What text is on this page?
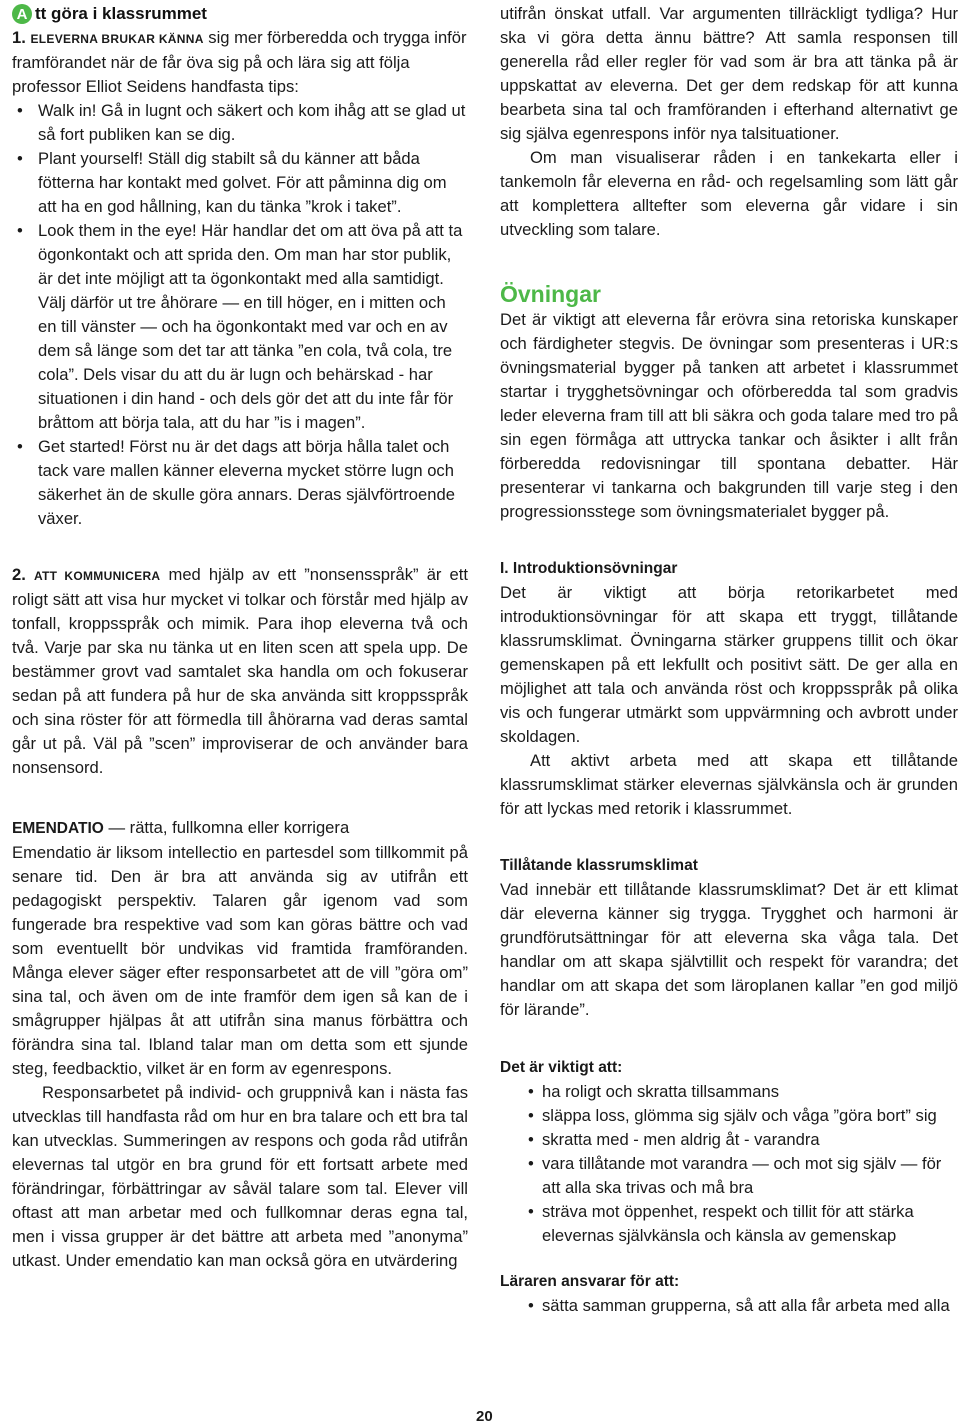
A tt göra i klassrummet

1. ELEVERNA BRUKAR KÄNNA sig mer förberedda och trygga inför framförandet när de får öva sig på och lära sig att följa professor Elliot Seidens handfasta tips:

• Walk in! Gå in lugnt och säkert och kom ihåg att se glad ut så fort publiken kan se dig.
• Plant yourself! Ställ dig stabilt så du känner att båda fötterna har kontakt med golvet. För att påminna dig om att ha en god hållning, kan du tänka ”krok i taket”.
• Look them in the eye! Här handlar det om att öva på att ta ögonkontakt och att sprida den. Om man har stor publik, är det inte möjligt att ta ögonkontakt med alla samtidigt. Välj därför ut tre åhörare — en till höger, en i mitten och en till vänster — och ha ögonkontakt med var och en av dem så länge som det tar att tänka ”en cola, två cola, tre cola”. Dels visar du att du är lugn och behärskad - har situationen i din hand - och dels gör det att du inte får för bråttom att börja tala, att du har ”is i magen”.
• Get started! Först nu är det dags att börja hålla talet och tack vare mallen känner eleverna mycket större lugn och säkerhet än de skulle göra annars. Deras självförtroende växer.

2. ATT KOMMUNICERA med hjälp av ett ”nonsensspråk” är ett roligt sätt att visa hur mycket vi tolkar och förstår med hjälp av tonfall, kroppsspråk och mimik. Para ihop eleverna två och två. Varje par ska nu tänka ut en liten scen att spela upp. De bestämmer grovt vad samtalet ska handla om och fokuserar sedan på att fundera på hur de ska använda sitt kroppsspråk och sina röster för att förmedla till åhörarna vad deras samtal går ut på. Väl på ”scen” improviserar de och använder bara nonsensord.

EMENDATIO — rätta, fullkomna eller korrigera

Emendatio är liksom intellectio en partesdel som tillkommit på senare tid. Den är bra att använda sig av utifrån ett pedagogiskt perspektiv. Talaren går igenom vad som fungerade bra respektive vad som kan göras bättre och vad som eventuellt bör undvikas vid framtida framföranden. Många elever säger efter responsarbetet att de vill ”göra om” sina tal, och även om de inte framför dem igen så kan de i smågrupper hjälpas åt att utifrån sina manus förbättra och förändra sina tal. Ibland talar man om detta som ett sjunde steg, feedbacktio, vilket är en form av egenrespons.

Responsarbetet på individ- och gruppnivå kan i nästa fas utvecklas till handfasta råd om hur en bra talare och ett bra tal kan utvecklas. Summeringen av respons och goda råd utifrån elevernas tal utgör en bra grund för ett fortsatt arbete med förändringar, förbättringar av såväl talare som tal. Elever vill oftast att man arbetar med och fullkomnar deras egna tal, men i vissa grupper är det bättre att arbeta med ”anonyma” utkast. Under emendatio kan man också göra en utvärdering

utifrån önskat utfall. Var argumenten tillräckligt tydliga? Hur ska vi göra detta ännu bättre? Att samla responsen till generella råd eller regler för vad som är bra att tänka på är uppskattat av eleverna. Det ger dem redskap för att kunna bearbeta sina tal och framföranden i efterhand alternativt ge sig själva egenrespons inför nya talsituationer.

Om man visualiserar råden i en tankekarta eller i tankemoln får eleverna en råd- och regelsamling som lätt går att komplettera alltefter som eleverna går vidare i sin utveckling som talare.

Övningar

Det är viktigt att eleverna får erövra sina retoriska kunskaper och färdigheter stegvis. De övningar som presenteras i UR:s övningsmaterial bygger på tanken att arbetet i klassrummet startar i trygghetsövningar och oförberedda tal som gradvis leder eleverna fram till att bli säkra och goda talare med tro på sin egen förmåga att uttrycka tankar och åsikter i allt från förberedda redovisningar till spontana debatter. Här presenterar vi tankarna och bakgrunden till varje steg i den progressionsstege som övningsmaterialet bygger på.

I. Introduktionsövningar

Det är viktigt att börja retorikarbetet med introduktionsövningar för att skapa ett tryggt, tillåtande klassrumsklimat. Övningarna stärker gruppens tillit och ökar gemenskapen på ett lekfullt och positivt sätt. De ger alla en möjlighet att tala och använda röst och kroppsspråk på olika vis och fungerar utmärkt som uppvärmning och avbrott under skoldagen.

Att aktivt arbeta med att skapa ett tillåtande klassrumsklimat stärker elevernas självkänsla och är grunden för att lyckas med retorik i klassrummet.

Tillåtande klassrumsklimat

Vad innebär ett tillåtande klassrumsklimat? Det är ett klimat där eleverna känner sig trygga. Trygghet och harmoni är grundförutsättningar för att eleverna ska våga tala. Det handlar om att skapa självtillit och respekt för varandra; det handlar om att skapa det som läroplanen kallar ”en god miljö för lärande”.

Det är viktigt att:
• ha roligt och skratta tillsammans
• släppa loss, glömma sig själv och våga ”göra bort” sig
• skratta med - men aldrig åt - varandra
• vara tillåtande mot varandra — och mot sig själv — för att alla ska trivas och må bra
• sträva mot öppenhet, respekt och tillit för att stärka elevernas självkänsla och känsla av gemenskap
Läraren ansvarar för att:
• sätta samman grupperna, så att alla får arbeta med alla
20
